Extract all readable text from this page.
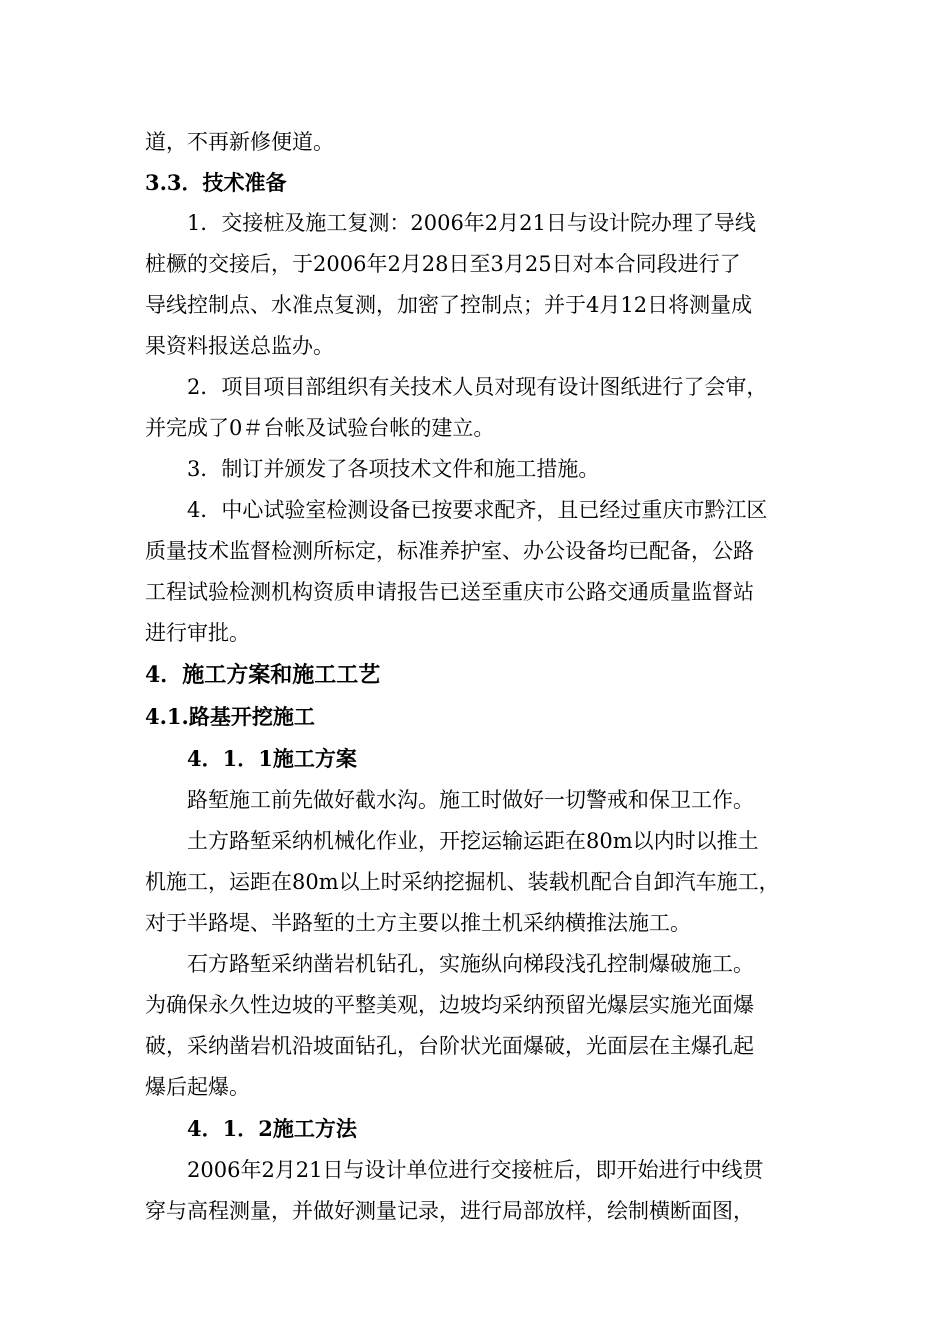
道，不再新修便道。

3.3．技术准备

1．交接桩及施工复测：2006年2月21日与设计院办理了导线

桩橛的交接后，于2006年2月28日至3月25日对本合同段进行了

导线控制点、水准点复测，加密了控制点；并于4月12日将测量成

果资料报送总监办。

2．项目项目部组织有关技术人员对现有设计图纸进行了会审，

并完成了0＃台帐及试验台帐的建立。

3．制订并颁发了各项技术文件和施工措施。

4．中心试验室检测设备已按要求配齐，且已经过重庆市黔江区

质量技术监督检测所标定，标准养护室、办公设备均已配备，公路

工程试验检测机构资质申请报告已送至重庆市公路交通质量监督站

进行审批。

4．施工方案和施工工艺

4.1.路基开挖施工

4．1．1施工方案

路堑施工前先做好截水沟。施工时做好一切警戒和保卫工作。

土方路堑采纳机械化作业，开挖运输运距在80m以内时以推土

机施工，运距在80m以上时采纳挖掘机、装载机配合自卸汽车施工，

对于半路堤、半路堑的土方主要以推土机采纳横推法施工。

石方路堑采纳凿岩机钻孔，实施纵向梯段浅孔控制爆破施工。

为确保永久性边坡的平整美观，边坡均采纳预留光爆层实施光面爆

破，采纳凿岩机沿坡面钻孔，台阶状光面爆破，光面层在主爆孔起

爆后起爆。

4．1．2施工方法

2006年2月21日与设计单位进行交接桩后，即开始进行中线贯

穿与高程测量，并做好测量记录，进行局部放样，绘制横断面图，
